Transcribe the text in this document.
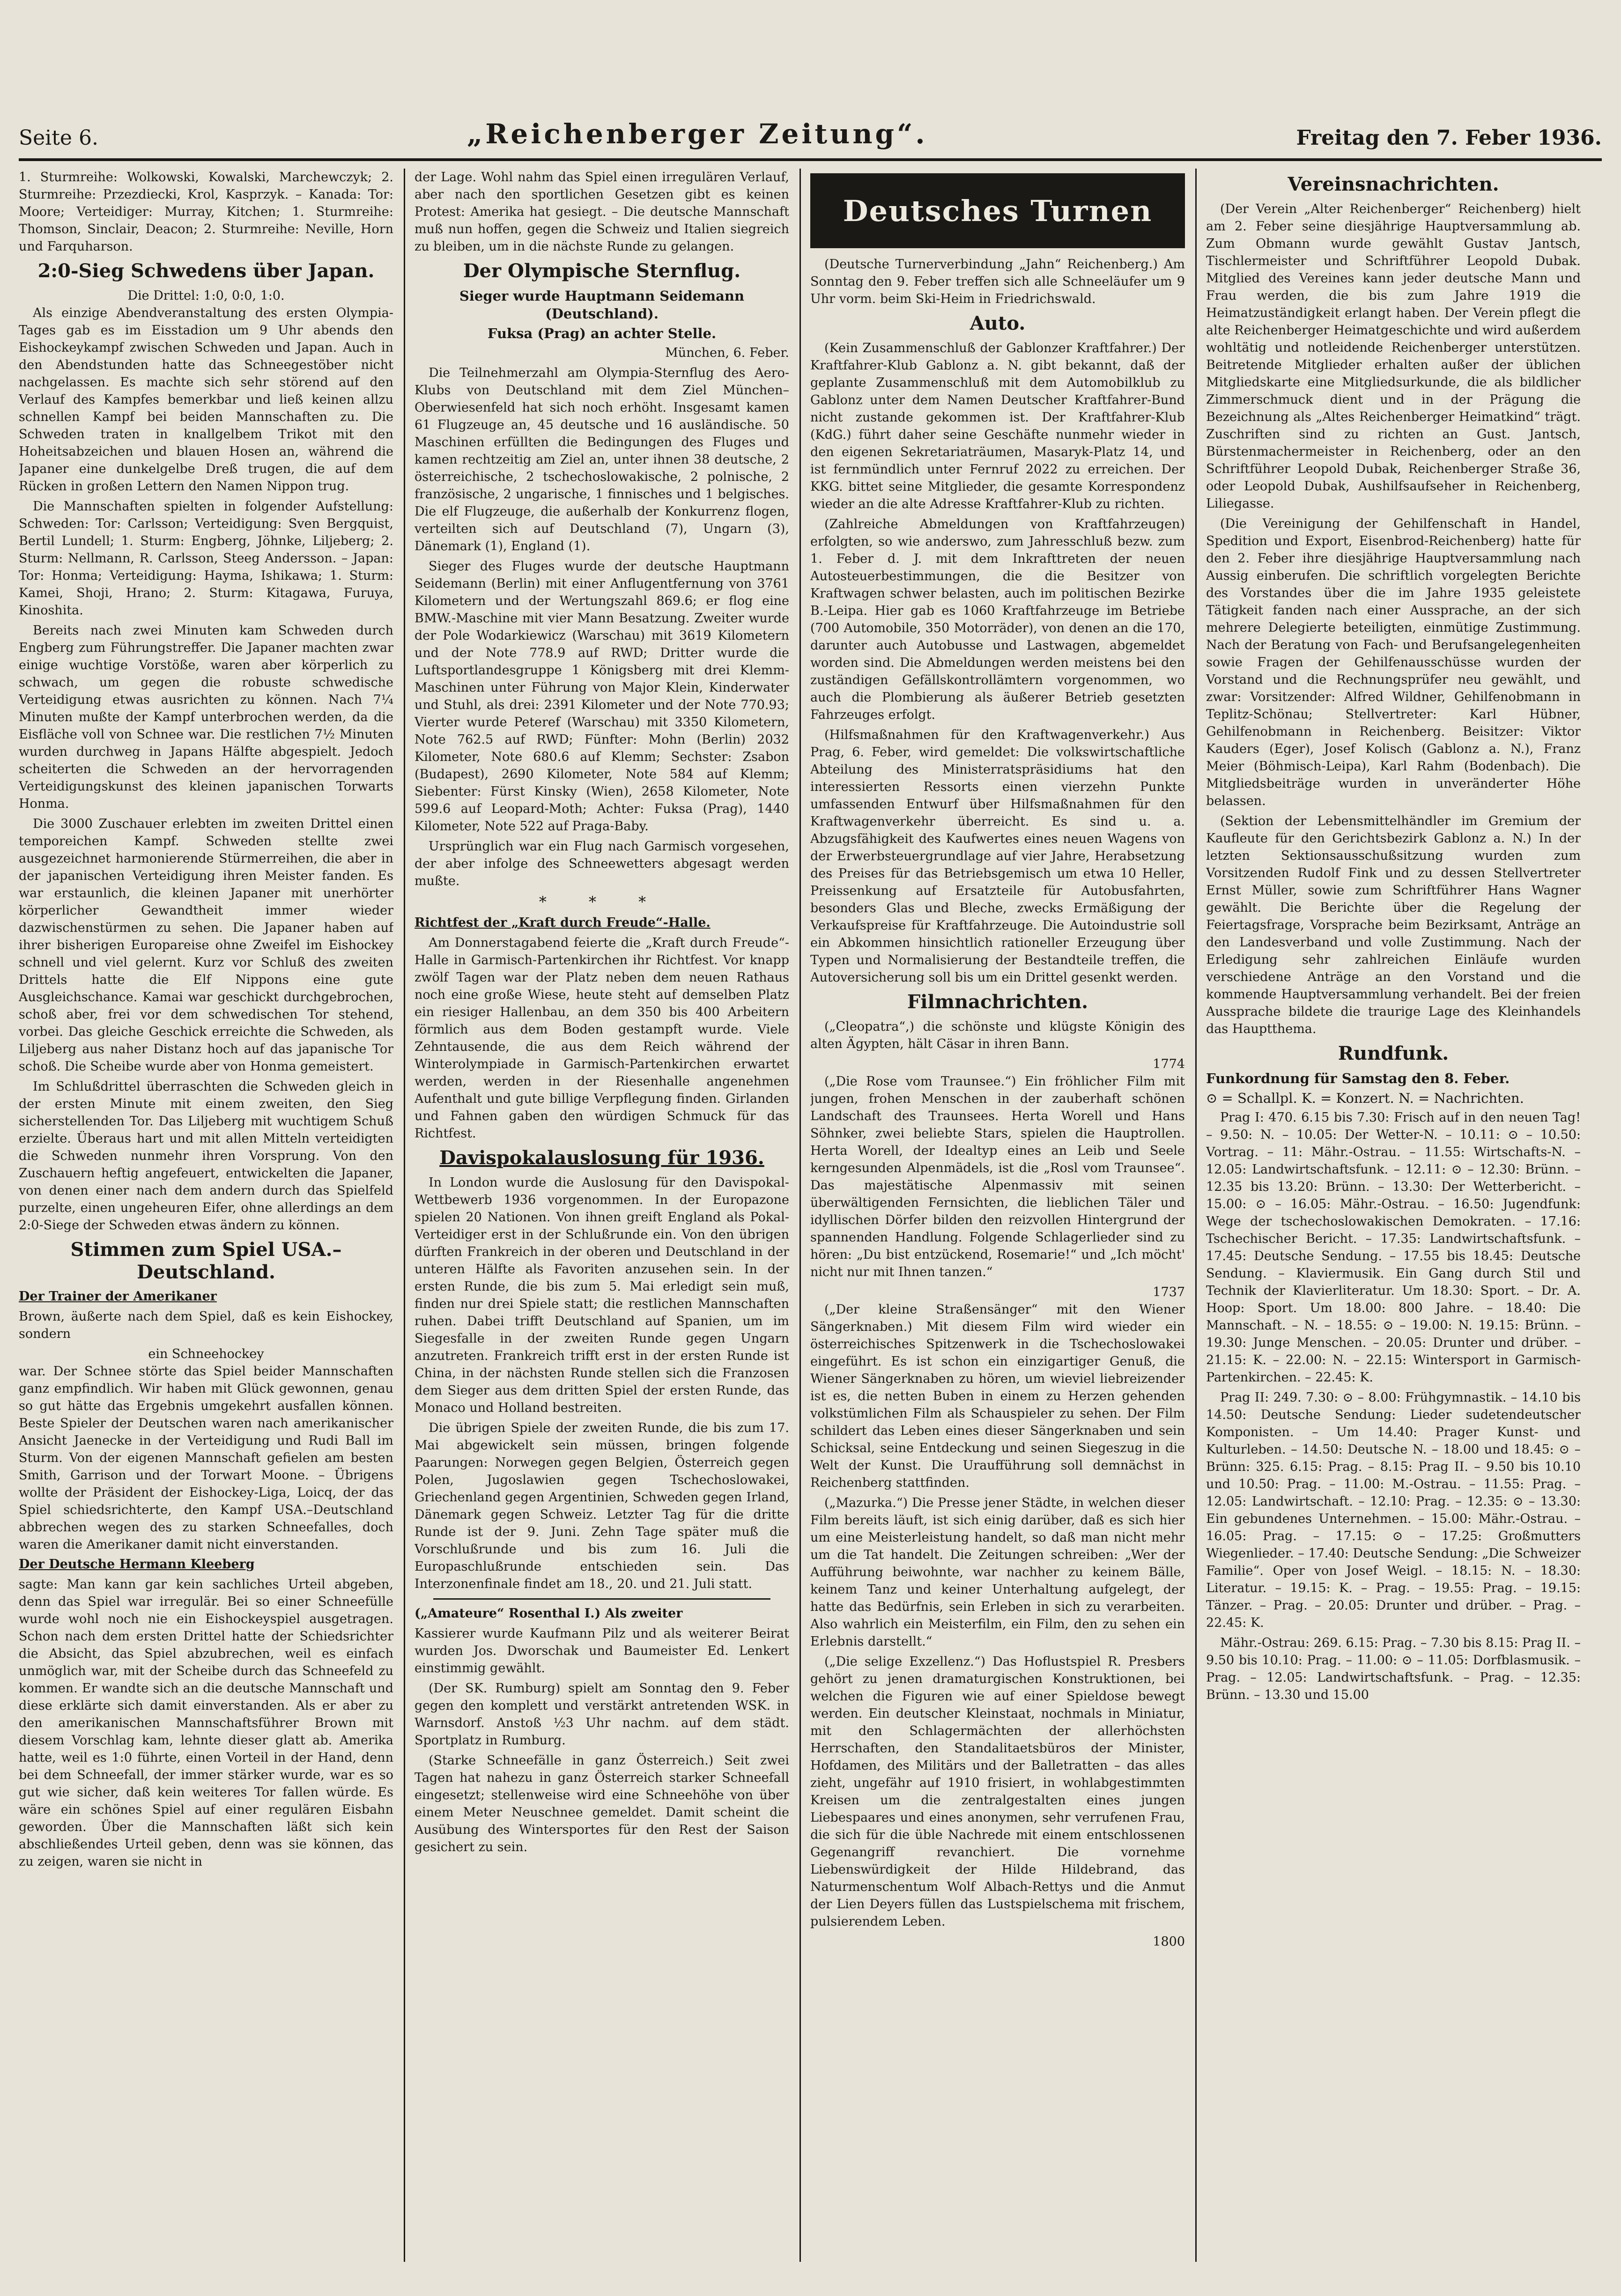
Seite 6.	„Reichenberger Zeitung“.	Freitag den 7. Feber 1936.

1. Sturmreihe: Wolkowski, Kowalski, Marchewczyk; 2. Sturmreihe: Przezdiecki, Krol, Kasprzyk. – Kanada: Tor: Moore; Verteidiger: Murray, Kitchen; 1. Sturmreihe: Thomson, Sinclair, Deacon; 2. Sturmreihe: Neville, Horn und Farquharson.

2:0-Sieg Schwedens über Japan.
Die Drittel: 1:0, 0:0, 1:0.

Als einzige Abendveranstaltung des ersten Olympia-Tages gab es im Eisstadion um 9 Uhr abends den Eishockeykampf zwischen Schweden und Japan. Auch in den Abendstunden hatte das Schneegestöber nicht nachgelassen. Es machte sich sehr störend auf den Verlauf des Kampfes bemerkbar und ließ keinen allzu schnellen Kampf bei beiden Mannschaften zu. Die Schweden traten in knallgelbem Trikot mit den Hoheitsabzeichen und blauen Hosen an, während die Japaner eine dunkelgelbe Dreß trugen, die auf dem Rücken in großen Lettern den Namen Nippon trug.

Die Mannschaften spielten in folgender Aufstellung: Schweden: Tor: Carlsson; Verteidigung: Sven Bergquist, Bertil Lundell; 1. Sturm: Engberg, Jöhnke, Liljeberg; 2. Sturm: Nellmann, R. Carlsson, Steeg Andersson. – Japan: Tor: Honma; Verteidigung: Hayma, Ishikawa; 1. Sturm: Kamei, Shoji, Hrano; 2. Sturm: Kitagawa, Furuya, Kinoshita.

Bereits nach zwei Minuten kam Schweden durch Engberg zum Führungstreffer. Die Japaner machten zwar einige wuchtige Vorstöße, waren aber körperlich zu schwach, um gegen die robuste schwedische Verteidigung etwas ausrichten zu können. Nach 7¼ Minuten mußte der Kampf unterbrochen werden, da die Eisfläche voll von Schnee war. Die restlichen 7½ Minuten wurden durchweg in Japans Hälfte abgespielt. Jedoch scheiterten die Schweden an der hervorragenden Verteidigungskunst des kleinen japanischen Torwarts Honma.

Die 3000 Zuschauer erlebten im zweiten Drittel einen temporeichen Kampf. Schweden stellte zwei ausgezeichnet harmonierende Stürmerreihen, die aber in der japanischen Verteidigung ihren Meister fanden. Es war erstaunlich, die kleinen Japaner mit unerhörter körperlicher Gewandtheit immer wieder dazwischenstürmen zu sehen. Die Japaner haben auf ihrer bisherigen Europareise ohne Zweifel im Eishockey schnell und viel gelernt. Kurz vor Schluß des zweiten Drittels hatte die Elf Nippons eine gute Ausgleichschance. Kamai war geschickt durchgebrochen, schoß aber, frei vor dem schwedischen Tor stehend, vorbei. Das gleiche Geschick erreichte die Schweden, als Liljeberg aus naher Distanz hoch auf das japanische Tor schoß. Die Scheibe wurde aber von Honma gemeistert.

Im Schlußdrittel überraschten die Schweden gleich in der ersten Minute mit einem zweiten, den Sieg sicherstellenden Tor. Das Liljeberg mit wuchtigem Schuß erzielte. Überaus hart und mit allen Mitteln verteidigten die Schweden nunmehr ihren Vorsprung. Von den Zuschauern heftig angefeuert, entwickelten die Japaner, von denen einer nach dem andern durch das Spielfeld purzelte, einen ungeheuren Eifer, ohne allerdings an dem 2:0-Siege der Schweden etwas ändern zu können.

Stimmen zum Spiel USA.–Deutschland.
Der Trainer der Amerikaner

Brown, äußerte nach dem Spiel, daß es kein Eishockey, sondern

ein Schneehockey

war. Der Schnee störte das Spiel beider Mannschaften ganz empfindlich. Wir haben mit Glück gewonnen, genau so gut hätte das Ergebnis umgekehrt ausfallen können. Beste Spieler der Deutschen waren nach amerikanischer Ansicht Jaenecke in der Verteidigung und Rudi Ball im Sturm. Von der eigenen Mannschaft gefielen am besten Smith, Garrison und der Torwart Moone. – Übrigens wollte der Präsident der Eishockey-Liga, Loicq, der das Spiel schiedsrichterte, den Kampf USA.–Deutschland abbrechen wegen des zu starken Schneefalles, doch waren die Amerikaner damit nicht einverstanden.

Der Deutsche Hermann Kleeberg

sagte: Man kann gar kein sachliches Urteil abgeben, denn das Spiel war irregulär. Bei so einer Schneefülle wurde wohl noch nie ein Eishockeyspiel ausgetragen. Schon nach dem ersten Drittel hatte der Schiedsrichter die Absicht, das Spiel abzubrechen, weil es einfach unmöglich war, mit der Scheibe durch das Schneefeld zu kommen. Er wandte sich an die deutsche Mannschaft und diese erklärte sich damit einverstanden. Als er aber zu den amerikanischen Mannschaftsführer Brown mit diesem Vorschlag kam, lehnte dieser glatt ab. Amerika hatte, weil es 1:0 führte, einen Vorteil in der Hand, denn bei dem Schneefall, der immer stärker wurde, war es so gut wie sicher, daß kein weiteres Tor fallen würde. Es wäre ein schönes Spiel auf einer regulären Eisbahn geworden. Über die Mannschaften läßt sich kein abschließendes Urteil geben, denn was sie können, das zu zeigen, waren sie nicht in

der Lage. Wohl nahm das Spiel einen irregulären Verlauf, aber nach den sportlichen Gesetzen gibt es keinen Protest: Amerika hat gesiegt. – Die deutsche Mannschaft muß nun hoffen, gegen die Schweiz und Italien siegreich zu bleiben, um in die nächste Runde zu gelangen.

Der Olympische Sternflug.
Sieger wurde Hauptmann Seidemann (Deutschland).
Fuksa (Prag) an achter Stelle.
München, 6. Feber.

Die Teilnehmerzahl am Olympia-Sternflug des Aero-Klubs von Deutschland mit dem Ziel München–Oberwiesenfeld hat sich noch erhöht. Insgesamt kamen 61 Flugzeuge an, 45 deutsche und 16 ausländische. 50 Maschinen erfüllten die Bedingungen des Fluges und kamen rechtzeitig am Ziel an, unter ihnen 38 deutsche, 2 österreichische, 2 tschechoslowakische, 2 polnische, 2 französische, 2 ungarische, 1 finnisches und 1 belgisches. Die elf Flugzeuge, die außerhalb der Konkurrenz flogen, verteilten sich auf Deutschland (7), Ungarn (3), Dänemark (1), England (1).

Sieger des Fluges wurde der deutsche Hauptmann Seidemann (Berlin) mit einer Anflugentfernung von 3761 Kilometern und der Wertungszahl 869.6; er flog eine BMW.-Maschine mit vier Mann Besatzung. Zweiter wurde der Pole Wodarkiewicz (Warschau) mit 3619 Kilometern und der Note 778.9 auf RWD; Dritter wurde die Luftsportlandesgruppe 1 Königsberg mit drei Klemm-Maschinen unter Führung von Major Klein, Kinderwater und Stuhl, als drei: 2391 Kilometer und der Note 770.93; Vierter wurde Peteref (Warschau) mit 3350 Kilometern, Note 762.5 auf RWD; Fünfter: Mohn (Berlin) 2032 Kilometer, Note 680.6 auf Klemm; Sechster: Zsabon (Budapest), 2690 Kilometer, Note 584 auf Klemm; Siebenter: Fürst Kinsky (Wien), 2658 Kilometer, Note 599.6 auf Leopard-Moth; Achter: Fuksa (Prag), 1440 Kilometer, Note 522 auf Praga-Baby.

Ursprünglich war ein Flug nach Garmisch vorgesehen, der aber infolge des Schneewetters abgesagt werden mußte.

* * *
Richtfest der „Kraft durch Freude“-Halle.

Am Donnerstagabend feierte die „Kraft durch Freude“-Halle in Garmisch-Partenkirchen ihr Richtfest. Vor knapp zwölf Tagen war der Platz neben dem neuen Rathaus noch eine große Wiese, heute steht auf demselben Platz ein riesiger Hallenbau, an dem 350 bis 400 Arbeitern förmlich aus dem Boden gestampft wurde. Viele Zehntausende, die aus dem Reich während der Winterolympiade in Garmisch-Partenkirchen erwartet werden, werden in der Riesenhalle angenehmen Aufenthalt und gute billige Verpflegung finden. Girlanden und Fahnen gaben den würdigen Schmuck für das Richtfest.

Davispokalauslosung für 1936.

In London wurde die Auslosung für den Davispokal-Wettbewerb 1936 vorgenommen. In der Europazone spielen 20 Nationen. Von ihnen greift England als Pokal-Verteidiger erst in der Schlußrunde ein. Von den übrigen dürften Frankreich in der oberen und Deutschland in der unteren Hälfte als Favoriten anzusehen sein. In der ersten Runde, die bis zum 5. Mai erledigt sein muß, finden nur drei Spiele statt; die restlichen Mannschaften ruhen. Dabei trifft Deutschland auf Spanien, um im Siegesfalle in der zweiten Runde gegen Ungarn anzutreten. Frankreich trifft erst in der ersten Runde ist China, in der nächsten Runde stellen sich die Franzosen dem Sieger aus dem dritten Spiel der ersten Runde, das Monaco und Holland bestreiten.

Die übrigen Spiele der zweiten Runde, die bis zum 17. Mai abgewickelt sein müssen, bringen folgende Paarungen: Norwegen gegen Belgien, Österreich gegen Polen, Jugoslawien gegen Tschechoslowakei, Griechenland gegen Argentinien, Schweden gegen Irland, Dänemark gegen Schweiz. Letzter Tag für die dritte Runde ist der 9. Juni. Zehn Tage später muß die Vorschlußrunde und bis zum 16. Juli die Europaschlußrunde entschieden sein. Das Interzonenfinale findet am 18., 20. und 21. Juli statt.

(„Amateure“ Rosenthal I.) Als zweiter

Kassierer wurde Kaufmann Pilz und als weiterer Beirat wurden Jos. Dworschak und Baumeister Ed. Lenkert einstimmig gewählt.

(Der SK. Rumburg) spielt am Sonntag den 9. Feber gegen den komplett und verstärkt antretenden WSK. in Warnsdorf. Anstoß ½3 Uhr nachm. auf dem städt. Sportplatz in Rumburg.

(Starke Schneefälle in ganz Österreich.) Seit zwei Tagen hat nahezu in ganz Österreich starker Schneefall eingesetzt; stellenweise wird eine Schneehöhe von über einem Meter Neuschnee gemeldet. Damit scheint die Ausübung des Wintersportes für den Rest der Saison gesichert zu sein.

Deutsches Turnen

(Deutsche Turnerverbindung „Jahn“ Reichenberg.) Am Sonntag den 9. Feber treffen sich alle Schneeläufer um 9 Uhr vorm. beim Ski-Heim in Friedrichswald.

Auto.

(Kein Zusammenschluß der Gablonzer Kraftfahrer.) Der Kraftfahrer-Klub Gablonz a. N. gibt bekannt, daß der geplante Zusammenschluß mit dem Automobilklub zu Gablonz unter dem Namen Deutscher Kraftfahrer-Bund nicht zustande gekommen ist. Der Kraftfahrer-Klub (KdG.) führt daher seine Geschäfte nunmehr wieder in den eigenen Sekretariaträumen, Masaryk-Platz 14, und ist fernmündlich unter Fernruf 2022 zu erreichen. Der KKG. bittet seine Mitglieder, die gesamte Korrespondenz wieder an die alte Adresse Kraftfahrer-Klub zu richten.

(Zahlreiche Abmeldungen von Kraftfahrzeugen) erfolgten, so wie anderswo, zum Jahresschluß bezw. zum 1. Feber d. J. mit dem Inkrafttreten der neuen Autosteuerbestimmungen, die die Besitzer von Kraftwagen schwer belasten, auch im politischen Bezirke B.-Leipa. Hier gab es 1060 Kraftfahrzeuge im Betriebe (700 Automobile, 350 Motorräder), von denen an die 170, darunter auch Autobusse und Lastwagen, abgemeldet worden sind. Die Abmeldungen werden meistens bei den zuständigen Gefällskontrollämtern vorgenommen, wo auch die Plombierung als äußerer Betrieb gesetzten Fahrzeuges erfolgt.

(Hilfsmaßnahmen für den Kraftwagenverkehr.) Aus Prag, 6. Feber, wird gemeldet: Die volkswirtschaftliche Abteilung des Ministerratspräsidiums hat den interessierten Ressorts einen vierzehn Punkte umfassenden Entwurf über Hilfsmaßnahmen für den Kraftwagenverkehr überreicht. Es sind u. a. Abzugsfähigkeit des Kaufwertes eines neuen Wagens von der Erwerbsteuergrundlage auf vier Jahre, Herabsetzung des Preises für das Betriebsgemisch um etwa 10 Heller, Preissenkung auf Ersatzteile für Autobusfahrten, besonders Glas und Bleche, zwecks Ermäßigung der Verkaufspreise für Kraftfahrzeuge. Die Autoindustrie soll ein Abkommen hinsichtlich rationeller Erzeugung über Typen und Normalisierung der Bestandteile treffen, die Autoversicherung soll bis um ein Drittel gesenkt werden.

Filmnachrichten.

(„Cleopatra“,) die schönste und klügste Königin des alten Ägypten, hält Cäsar in ihren Bann.

1774

(„Die Rose vom Traunsee.“) Ein fröhlicher Film mit jungen, frohen Menschen in der zauberhaft schönen Landschaft des Traunsees. Herta Worell und Hans Söhnker, zwei beliebte Stars, spielen die Hauptrollen. Herta Worell, der Idealtyp eines an Leib und Seele kerngesunden Alpenmädels, ist die „Rosl vom Traunsee“. Das majestätische Alpenmassiv mit seinen überwältigenden Fernsichten, die lieblichen Täler und idyllischen Dörfer bilden den reizvollen Hintergrund der spannenden Handlung. Folgende Schlagerlieder sind zu hören: „Du bist entzückend, Rosemarie!“ und „Ich möcht' nicht nur mit Ihnen tanzen.“

1737

(„Der kleine Straßensänger“ mit den Wiener Sängerknaben.) Mit diesem Film wird wieder ein österreichisches Spitzenwerk in die Tschechoslowakei eingeführt. Es ist schon ein einzigartiger Genuß, die Wiener Sängerknaben zu hören, um wieviel liebreizender ist es, die netten Buben in einem zu Herzen gehenden volkstümlichen Film als Schauspieler zu sehen. Der Film schildert das Leben eines dieser Sängerknaben und sein Schicksal, seine Entdeckung und seinen Siegeszug in die Welt der Kunst. Die Uraufführung soll demnächst in Reichenberg stattfinden.

(„Mazurka.“) Die Presse jener Städte, in welchen dieser Film bereits läuft, ist sich einig darüber, daß es sich hier um eine Meisterleistung handelt, so daß man nicht mehr um die Tat handelt. Die Zeitungen schreiben: „Wer der Aufführung beiwohnte, war nachher zu keinem Bälle, keinem Tanz und keiner Unterhaltung aufgelegt, der hatte das Bedürfnis, sein Erleben in sich zu verarbeiten. Also wahrlich ein Meisterfilm, ein Film, den zu sehen ein Erlebnis darstellt.“

(„Die selige Exzellenz.“) Das Hoflustspiel R. Presbers gehört zu jenen dramaturgischen Konstruktionen, bei welchen die Figuren wie auf einer Spieldose bewegt werden. Ein deutscher Kleinstaat, nochmals in Miniatur, mit den Schlagermächten der allerhöchsten Herrschaften, den Standalitaetsbüros der Minister, Hofdamen, des Militärs und der Balletratten – das alles zieht, ungefähr auf 1910 frisiert, in wohlabgestimmten Kreisen um die zentralgestalten eines jungen Liebespaares und eines anonymen, sehr verrufenen Frau, die sich für die üble Nachrede mit einem entschlossenen Gegenangriff revanchiert. Die vornehme Liebenswürdigkeit der Hilde Hildebrand, das Naturmenschentum Wolf Albach-Rettys und die Anmut der Lien Deyers füllen das Lustspielschema mit frischem, pulsierendem Leben.

1800
Vereinsnachrichten.

(Der Verein „Alter Reichenberger“ Reichenberg) hielt am 2. Feber seine diesjährige Hauptversammlung ab. Zum Obmann wurde gewählt Gustav Jantsch, Tischlermeister und Schriftführer Leopold Dubak. Mitglied des Vereines kann jeder deutsche Mann und Frau werden, die bis zum Jahre 1919 die Heimatzuständigkeit erlangt haben. Der Verein pflegt die alte Reichenberger Heimatgeschichte und wird außerdem wohltätig und notleidende Reichenberger unterstützen. Beitretende Mitglieder erhalten außer der üblichen Mitgliedskarte eine Mitgliedsurkunde, die als bildlicher Zimmerschmuck dient und in der Prägung die Bezeichnung als „Altes Reichenberger Heimatkind“ trägt. Zuschriften sind zu richten an Gust. Jantsch, Bürstenmachermeister in Reichenberg, oder an den Schriftführer Leopold Dubak, Reichenberger Straße 36, oder Leopold Dubak, Aushilfsaufseher in Reichenberg, Liliegasse.

(Die Vereinigung der Gehilfenschaft in Handel, Spedition und Export, Eisenbrod-Reichenberg) hatte für den 2. Feber ihre diesjährige Hauptversammlung nach Aussig einberufen. Die schriftlich vorgelegten Berichte des Vorstandes über die im Jahre 1935 geleistete Tätigkeit fanden nach einer Aussprache, an der sich mehrere Delegierte beteiligten, einmütige Zustimmung. Nach der Beratung von Fach- und Berufsangelegenheiten sowie Fragen der Gehilfenausschüsse wurden der Vorstand und die Rechnungsprüfer neu gewählt, und zwar: Vorsitzender: Alfred Wildner, Gehilfenobmann in Teplitz-Schönau; Stellvertreter: Karl Hübner, Gehilfenobmann in Reichenberg. Beisitzer: Viktor Kauders (Eger), Josef Kolisch (Gablonz a. N.), Franz Meier (Böhmisch-Leipa), Karl Rahm (Bodenbach). Die Mitgliedsbeiträge wurden in unveränderter Höhe belassen.

(Sektion der Lebensmittelhändler im Gremium der Kaufleute für den Gerichtsbezirk Gablonz a. N.) In der letzten Sektionsausschußsitzung wurden zum Vorsitzenden Rudolf Fink und zu dessen Stellvertreter Ernst Müller, sowie zum Schriftführer Hans Wagner gewählt. Die Berichte über die Regelung der Feiertagsfrage, Vorsprache beim Bezirksamt, Anträge an den Landesverband und volle Zustimmung. Nach der Erledigung sehr zahlreichen Einläufe wurden verschiedene Anträge an den Vorstand und die kommende Hauptversammlung verhandelt. Bei der freien Aussprache bildete die traurige Lage des Kleinhandels das Hauptthema.

Rundfunk.
Funkordnung für Samstag den 8. Feber.
⊙ = Schallpl. K. = Konzert. N. = Nachrichten.

Prag I: 470. 6.15 bis 7.30: Frisch auf in den neuen Tag! – 9.50: N. – 10.05: Der Wetter-N. – 10.11: ⊙ – 10.50: Vortrag. – 11: Mähr.-Ostrau. – 11.55: Wirtschafts-N. – 12.05: Landwirtschaftsfunk. – 12.11: ⊙ – 12.30: Brünn. – 12.35 bis 13.20: Brünn. – 13.30: Der Wetterbericht. – 15.00: ⊙ – 16.05: Mähr.-Ostrau. – 16.50: Jugendfunk: Wege der tschechoslowakischen Demokraten. – 17.16: Tschechischer Bericht. – 17.35: Landwirtschaftsfunk. – 17.45: Deutsche Sendung. – 17.55 bis 18.45: Deutsche Sendung. – Klaviermusik. Ein Gang durch Stil und Technik der Klavierliteratur. Um 18.30: Sport. – Dr. A. Hoop: Sport. Um 18.00: 800 Jahre. – 18.40: Die Mannschaft. – N. – 18.55: ⊙ – 19.00: N. 19.15: Brünn. – 19.30: Junge Menschen. – 20.05: Drunter und drüber. – 21.15: K. – 22.00: N. – 22.15: Wintersport in Garmisch-Partenkirchen. – 22.45: K.

Prag II: 249. 7.30: ⊙ – 8.00: Frühgymnastik. – 14.10 bis 14.50: Deutsche Sendung: Lieder sudetendeutscher Komponisten. – Um 14.40: Prager Kunst- und Kulturleben. – 14.50: Deutsche N. – 18.00 und 18.45: ⊙ – Brünn: 325. 6.15: Prag. – 8.15: Prag II. – 9.50 bis 10.10 und 10.50: Prag. – 11.00: M.-Ostrau. – 11.55: Prag. – 12.05: Landwirtschaft. – 12.10: Prag. – 12.35: ⊙ – 13.30: Ein gebundenes Unternehmen. – 15.00: Mähr.-Ostrau. – 16.05: Prag. – 17.15: ⊙ – 17.25: Großmutters Wiegenlieder. – 17.40: Deutsche Sendung: „Die Schweizer Familie“. Oper von Josef Weigl. – 18.15: N. – 18.30: Literatur. – 19.15: K. – Prag. – 19.55: Prag. – 19.15: Tänzer. – Prag. – 20.05: Drunter und drüber. – Prag. – 22.45: K.

Mähr.-Ostrau: 269. 6.15: Prag. – 7.30 bis 8.15: Prag II. – 9.50 bis 10.10: Prag. – 11.00: ⊙ – 11.05: Dorfblasmusik. – Prag. – 12.05: Landwirtschaftsfunk. – Prag. – 12.35: Brünn. – 13.30 und 15.00
